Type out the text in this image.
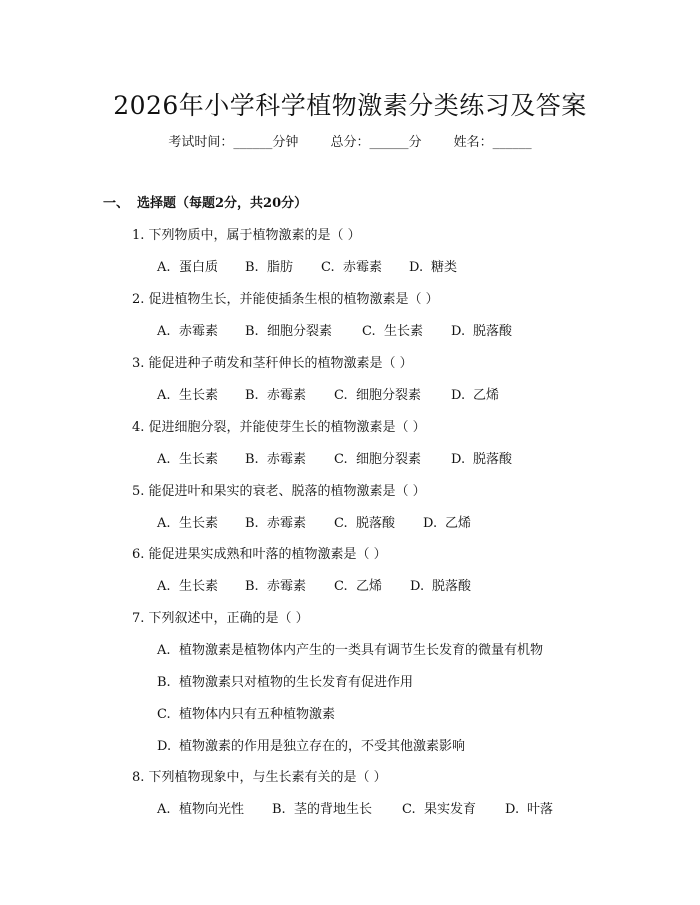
2026年小学科学植物激素分类练习及答案
考试时间：______分钟 总分：______分 姓名：______
一、 选择题（每题2分，共20分）
1. 下列物质中，属于植物激素的是（ ）
A. 蛋白质 B. 脂肪 C. 赤霉素 D. 糖类
2. 促进植物生长，并能使插条生根的植物激素是（ ）
A. 赤霉素 B. 细胞分裂素 C. 生长素 D. 脱落酸
3. 能促进种子萌发和茎秆伸长的植物激素是（ ）
A. 生长素 B. 赤霉素 C. 细胞分裂素 D. 乙烯
4. 促进细胞分裂，并能使芽生长的植物激素是（ ）
A. 生长素 B. 赤霉素 C. 细胞分裂素 D. 脱落酸
5. 能促进叶和果实的衰老、脱落的植物激素是（ ）
A. 生长素 B. 赤霉素 C. 脱落酸 D. 乙烯
6. 能促进果实成熟和叶落的植物激素是（ ）
A. 生长素 B. 赤霉素 C. 乙烯 D. 脱落酸
7. 下列叙述中，正确的是（ ）
A. 植物激素是植物体内产生的一类具有调节生长发育的微量有机物
B. 植物激素只对植物的生长发育有促进作用
C. 植物体内只有五种植物激素
D. 植物激素的作用是独立存在的，不受其他激素影响
8. 下列植物现象中，与生长素有关的是（ ）
A. 植物向光性 B. 茎的背地生长 C. 果实发育 D. 叶落
